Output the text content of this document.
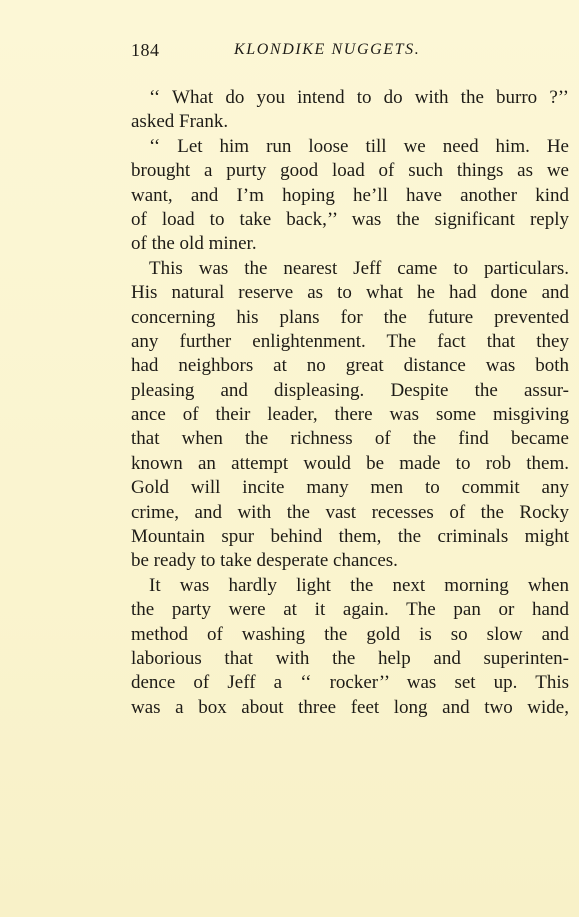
184	KLONDIKE NUGGETS.
‘‘ What do you intend to do with the burro ?’’
asked Frank.
‘‘ Let him run loose till we need him. He
brought a purty good load of such things as we
want, and I’m hoping he’ll have another kind
of load to take back,’’ was the significant reply
of the old miner.
This was the nearest Jeff came to particulars.
His natural reserve as to what he had done and
concerning his plans for the future prevented
any further enlightenment. The fact that they
had neighbors at no great distance was both
pleasing and displeasing. Despite the assur-
ance of their leader, there was some misgiving
that when the richness of the find became
known an attempt would be made to rob them.
Gold will incite many men to commit any
crime, and with the vast recesses of the Rocky
Mountain spur behind them, the criminals might
be ready to take desperate chances.
It was hardly light the next morning when
the party were at it again. The pan or hand
method of washing the gold is so slow and
laborious that with the help and superinten-
dence of Jeff a ‘‘ rocker’’ was set up. This
was a box about three feet long and two wide,
